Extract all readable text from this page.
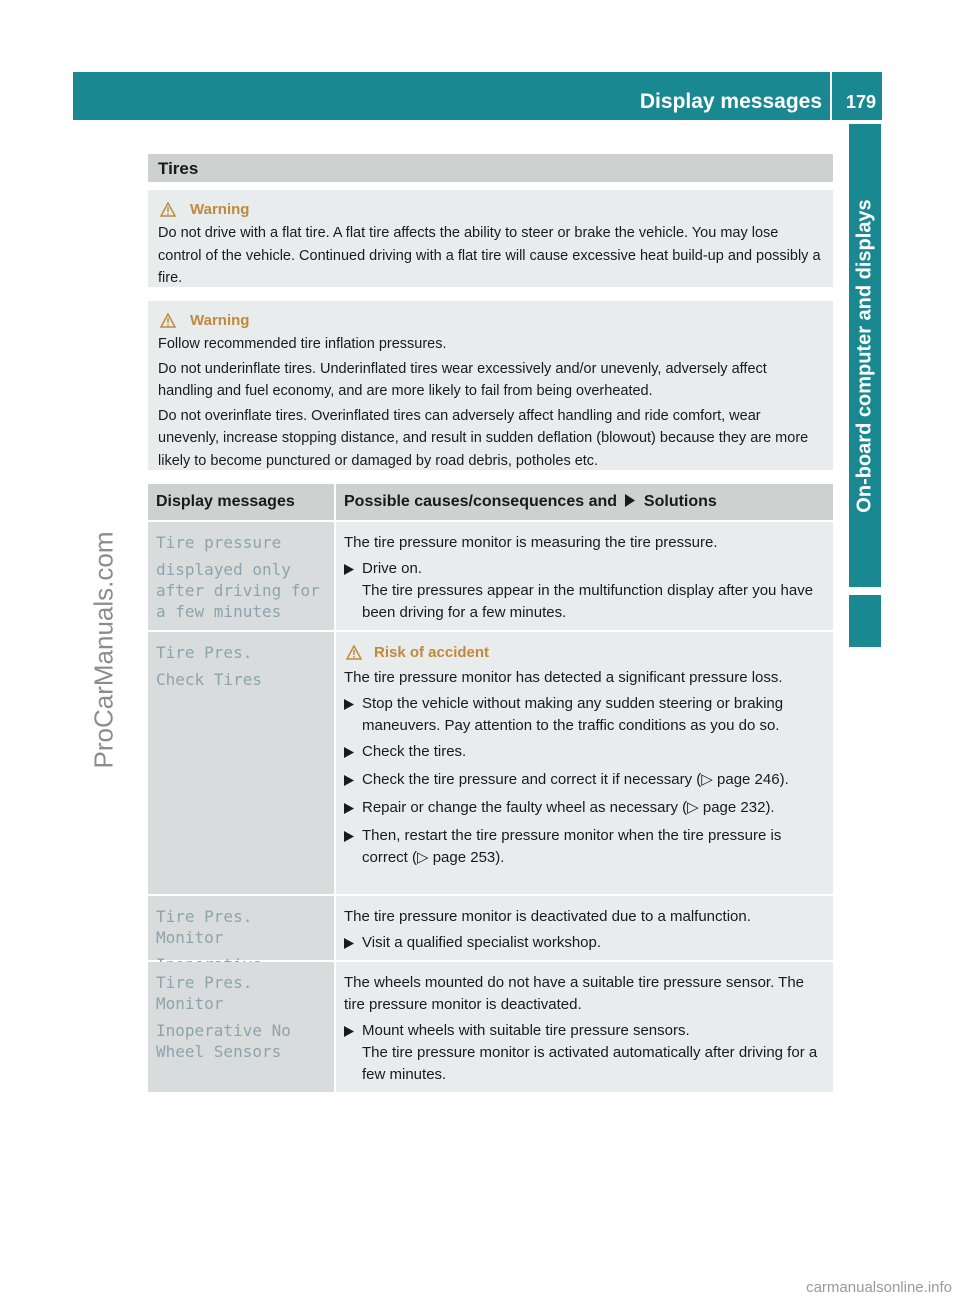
Display messages 179
On-board computer and displays
ProCarManuals.com
carmanualsonline.info
Tires
Warning

Do not drive with a flat tire. A flat tire affects the ability to steer or brake the vehicle. You may lose control of the vehicle. Continued driving with a flat tire will cause excessive heat build-up and possibly a fire.

Warning

Follow recommended tire inflation pressures.

Do not underinflate tires. Underinflated tires wear excessively and/or unevenly, adversely affect handling and fuel economy, and are more likely to fail from being overheated.

Do not overinflate tires. Overinflated tires can adversely affect handling and ride comfort, wear unevenly, increase stopping distance, and result in sudden deflation (blowout) because they are more likely to become punctured or damaged by road debris, potholes etc.

Display messages	Possible causes/consequences and Solutions
Tire pressure
displayed only
after driving for
a few minutes

The tire pressure monitor is measuring the tire pressure.

Drive on.
The tire pressures appear in the multifunction display after you have been driving for a few minutes.
Tire Pres.
Check Tires
Risk of accident

The tire pressure monitor has detected a significant pressure loss.

Stop the vehicle without making any sudden steering or braking maneuvers. Pay attention to the traffic conditions as you do so.
Check the tires.
Check the tire pressure and correct it if necessary (▷ page 246).
Repair or change the faulty wheel as necessary (▷ page 232).
Then, restart the tire pressure monitor when the tire pressure is correct (▷ page 253).
Tire Pres. Monitor

The tire pressure monitor is deactivated due to a malfunction.

Visit a qualified specialist workshop.
Tire Pres. Monitor
Inoperative No
Wheel Sensors

The wheels mounted do not have a suitable tire pressure sensor. The tire pressure monitor is deactivated.

Mount wheels with suitable tire pressure sensors.
The tire pressure monitor is activated automatically after driving for a few minutes.
